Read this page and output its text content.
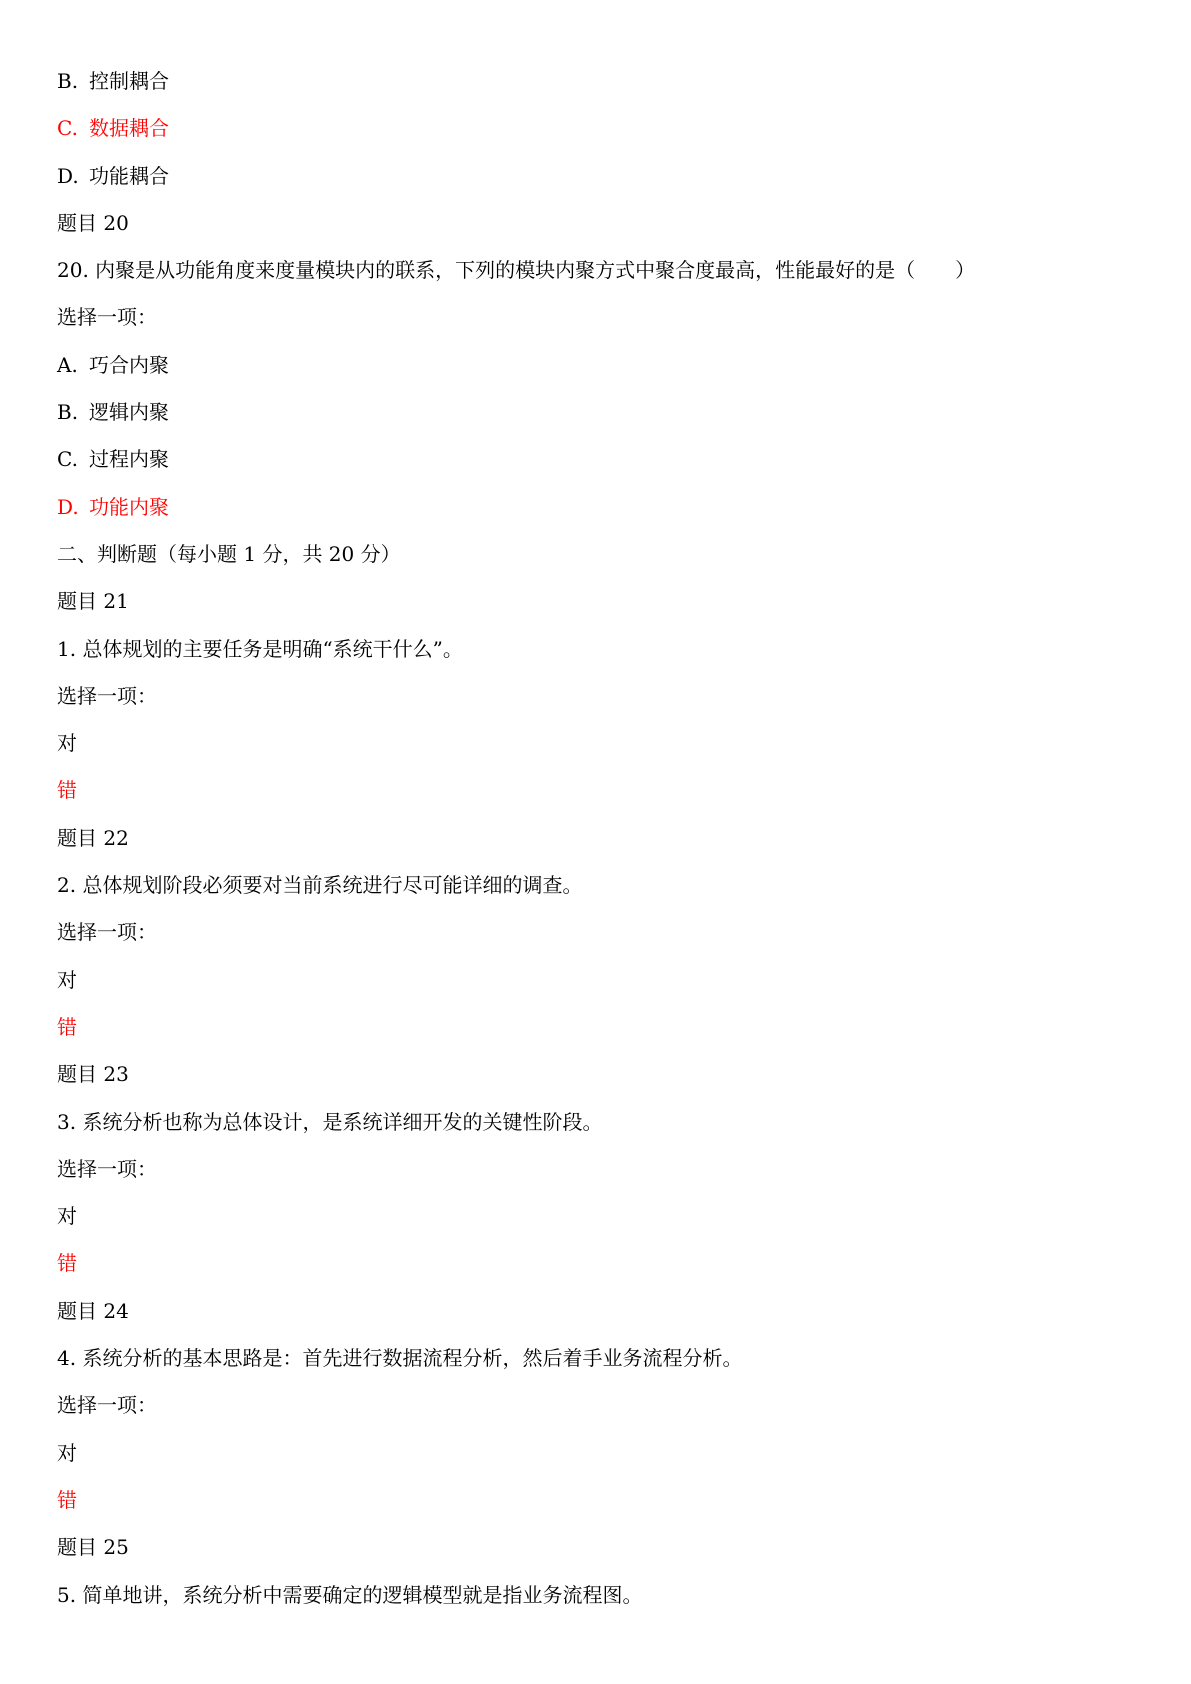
B. 控制耦合
C. 数据耦合
D. 功能耦合
题目 20
20. 内聚是从功能角度来度量模块内的联系，下列的模块内聚方式中聚合度最高，性能最好的是（　　）
选择一项：
A. 巧合内聚
B. 逻辑内聚
C. 过程内聚
D. 功能内聚
二、判断题（每小题 1 分，共 20 分）
题目 21
1. 总体规划的主要任务是明确“系统干什么”。
选择一项：
对
错
题目 22
2. 总体规划阶段必须要对当前系统进行尽可能详细的调查。
选择一项：
对
错
题目 23
3. 系统分析也称为总体设计，是系统详细开发的关键性阶段。
选择一项：
对
错
题目 24
4. 系统分析的基本思路是：首先进行数据流程分析，然后着手业务流程分析。
选择一项：
对
错
题目 25
5. 简单地讲，系统分析中需要确定的逻辑模型就是指业务流程图。
